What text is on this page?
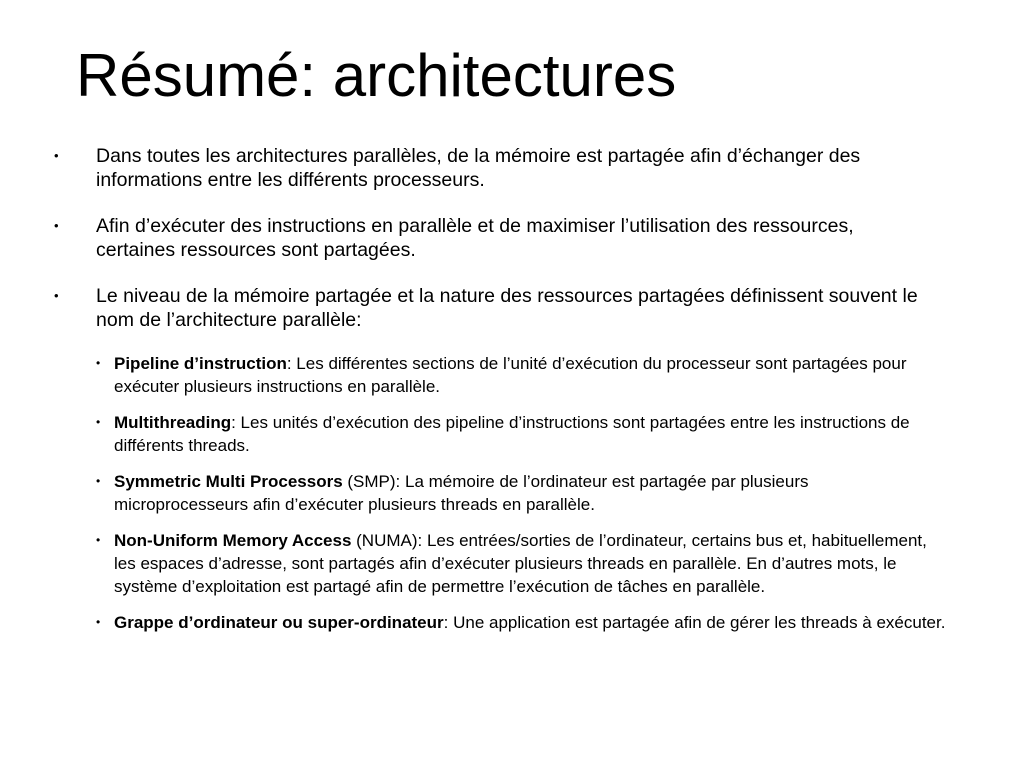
Résumé: architectures
•	Dans toutes les architectures parallèles, de la mémoire est partagée afin d’échanger des informations entre les différents processeurs.
•	Afin d’exécuter des instructions en parallèle et de maximiser l’utilisation des ressources, certaines ressources sont partagées.
•	Le niveau de la mémoire partagée et la nature des ressources partagées définissent souvent le nom de l’architecture parallèle:
• Pipeline d’instruction: Les différentes sections de l’unité d’exécution du processeur sont partagées pour exécuter plusieurs instructions en parallèle.
• Multithreading: Les unités d’exécution des pipeline d’instructions sont partagées entre les instructions de différents threads.
• Symmetric Multi Processors (SMP): La mémoire de l’ordinateur est partagée par plusieurs microprocesseurs afin d’exécuter plusieurs threads en parallèle.
• Non-Uniform Memory Access (NUMA): Les entrées/sorties de l’ordinateur, certains bus et, habituellement, les espaces d’adresse, sont partagés afin d’exécuter plusieurs threads en parallèle. En d’autres mots, le système d’exploitation est partagé afin de permettre l’exécution de tâches en parallèle.
• Grappe d’ordinateur ou super-ordinateur: Une application est partagée afin de gérer les threads à exécuter.
